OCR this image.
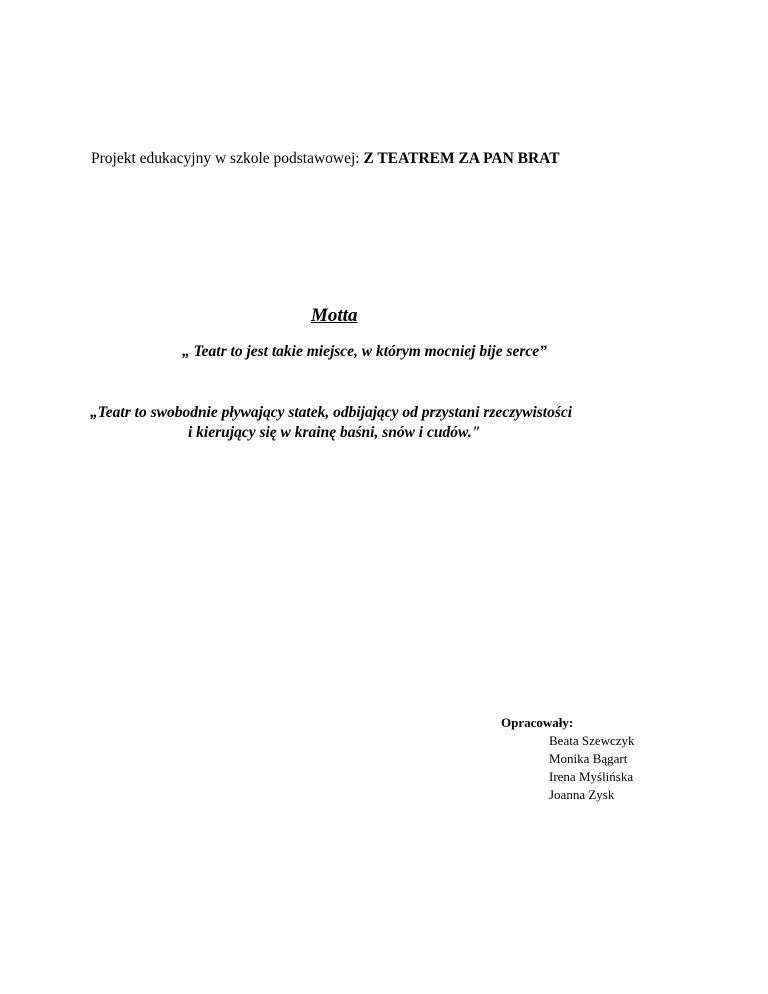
Projekt edukacyjny w szkole podstawowej: Z TEATREM ZA PAN BRAT
Motta
„ Teatr to jest takie miejsce, w którym mocniej bije serce”
„Teatr to swobodnie pływający statek, odbijający od przystani rzeczywistości
i kierujący się w krainę baśni, snów i cudów."
Opracowały:
Beata Szewczyk
Monika Bągart
Irena Myślińska
Joanna Zysk
